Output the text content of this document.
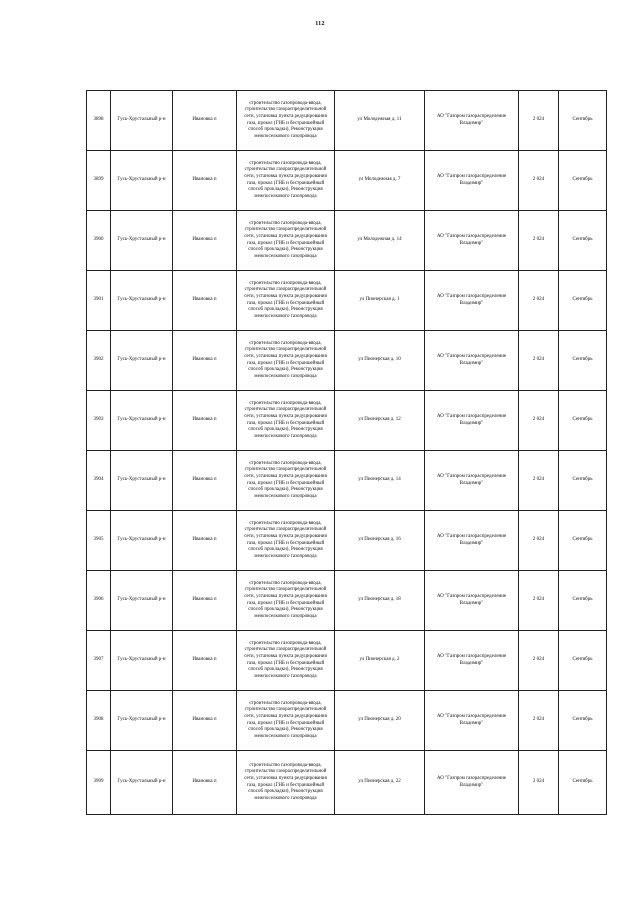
112
3898	Гусь-Хрустальный р-н	Ивановка п	строительство газопровода-ввода, строительство газораспределительной сети, установка пункта редуцирования газа, прокол (ГНБ и бестраншейный способ прокладки), Реконструкция межпоселкового газопровода	ул Молодежная д. 11	АО "Газпром газораспределение Владимир"	2 024	Сентябрь
3899	Гусь-Хрустальный р-н	Ивановка п	строительство газопровода-ввода, строительство газораспределительной сети, установка пункта редуцирования газа, прокол (ГНБ и бестраншейный способ прокладки), Реконструкция межпоселкового газопровода	ул Молодежная д. 7	АО "Газпром газораспределение Владимир"	2 024	Сентябрь
3900	Гусь-Хрустальный р-н	Ивановка п	строительство газопровода-ввода, строительство газораспределительной сети, установка пункта редуцирования газа, прокол (ГНБ и бестраншейный способ прокладки), Реконструкция межпоселкового газопровода	ул Молодежная д. 14	АО "Газпром газораспределение Владимир"	2 024	Сентябрь
3901	Гусь-Хрустальный р-н	Ивановка п	строительство газопровода-ввода, строительство газораспределительной сети, установка пункта редуцирования газа, прокол (ГНБ и бестраншейный способ прокладки), Реконструкция межпоселкового газопровода	ул Пионерская д. 1	АО "Газпром газораспределение Владимир"	2 024	Сентябрь
3902	Гусь-Хрустальный р-н	Ивановка п	строительство газопровода-ввода, строительство газораспределительной сети, установка пункта редуцирования газа, прокол (ГНБ и бестраншейный способ прокладки), Реконструкция межпоселкового газопровода	ул Пионерская д. 10	АО "Газпром газораспределение Владимир"	2 024	Сентябрь
3903	Гусь-Хрустальный р-н	Ивановка п	строительство газопровода-ввода, строительство газораспределительной сети, установка пункта редуцирования газа, прокол (ГНБ и бестраншейный способ прокладки), Реконструкция межпоселкового газопровода	ул Пионерская д. 12	АО "Газпром газораспределение Владимир"	2 024	Сентябрь
3904	Гусь-Хрустальный р-н	Ивановка п	строительство газопровода-ввода, строительство газораспределительной сети, установка пункта редуцирования газа, прокол (ГНБ и бестраншейный способ прокладки), Реконструкция межпоселкового газопровода	ул Пионерская д. 14	АО "Газпром газораспределение Владимир"	2 024	Сентябрь
3905	Гусь-Хрустальный р-н	Ивановка п	строительство газопровода-ввода, строительство газораспределительной сети, установка пункта редуцирования газа, прокол (ГНБ и бестраншейный способ прокладки), Реконструкция межпоселкового газопровода	ул Пионерская д. 16	АО "Газпром газораспределение Владимир"	2 024	Сентябрь
3906	Гусь-Хрустальный р-н	Ивановка п	строительство газопровода-ввода, строительство газораспределительной сети, установка пункта редуцирования газа, прокол (ГНБ и бестраншейный способ прокладки), Реконструкция межпоселкового газопровода	ул Пионерская д. 18	АО "Газпром газораспределение Владимир"	2 024	Сентябрь
3907	Гусь-Хрустальный р-н	Ивановка п	строительство газопровода-ввода, строительство газораспределительной сети, установка пункта редуцирования газа, прокол (ГНБ и бестраншейный способ прокладки), Реконструкция межпоселкового газопровода	ул Пионерская д. 2	АО "Газпром газораспределение Владимир"	2 024	Сентябрь
3908	Гусь-Хрустальный р-н	Ивановка п	строительство газопровода-ввода, строительство газораспределительной сети, установка пункта редуцирования газа, прокол (ГНБ и бестраншейный способ прокладки), Реконструкция межпоселкового газопровода	ул Пионерская д. 20	АО "Газпром газораспределение Владимир"	2 024	Сентябрь
3909	Гусь-Хрустальный р-н	Ивановка п	строительство газопровода-ввода, строительство газораспределительной сети, установка пункта редуцирования газа, прокол (ГНБ и бестраншейный способ прокладки), Реконструкция межпоселкового газопровода	ул Пионерская д. 22	АО "Газпром газораспределение Владимир"	2 024	Сентябрь
